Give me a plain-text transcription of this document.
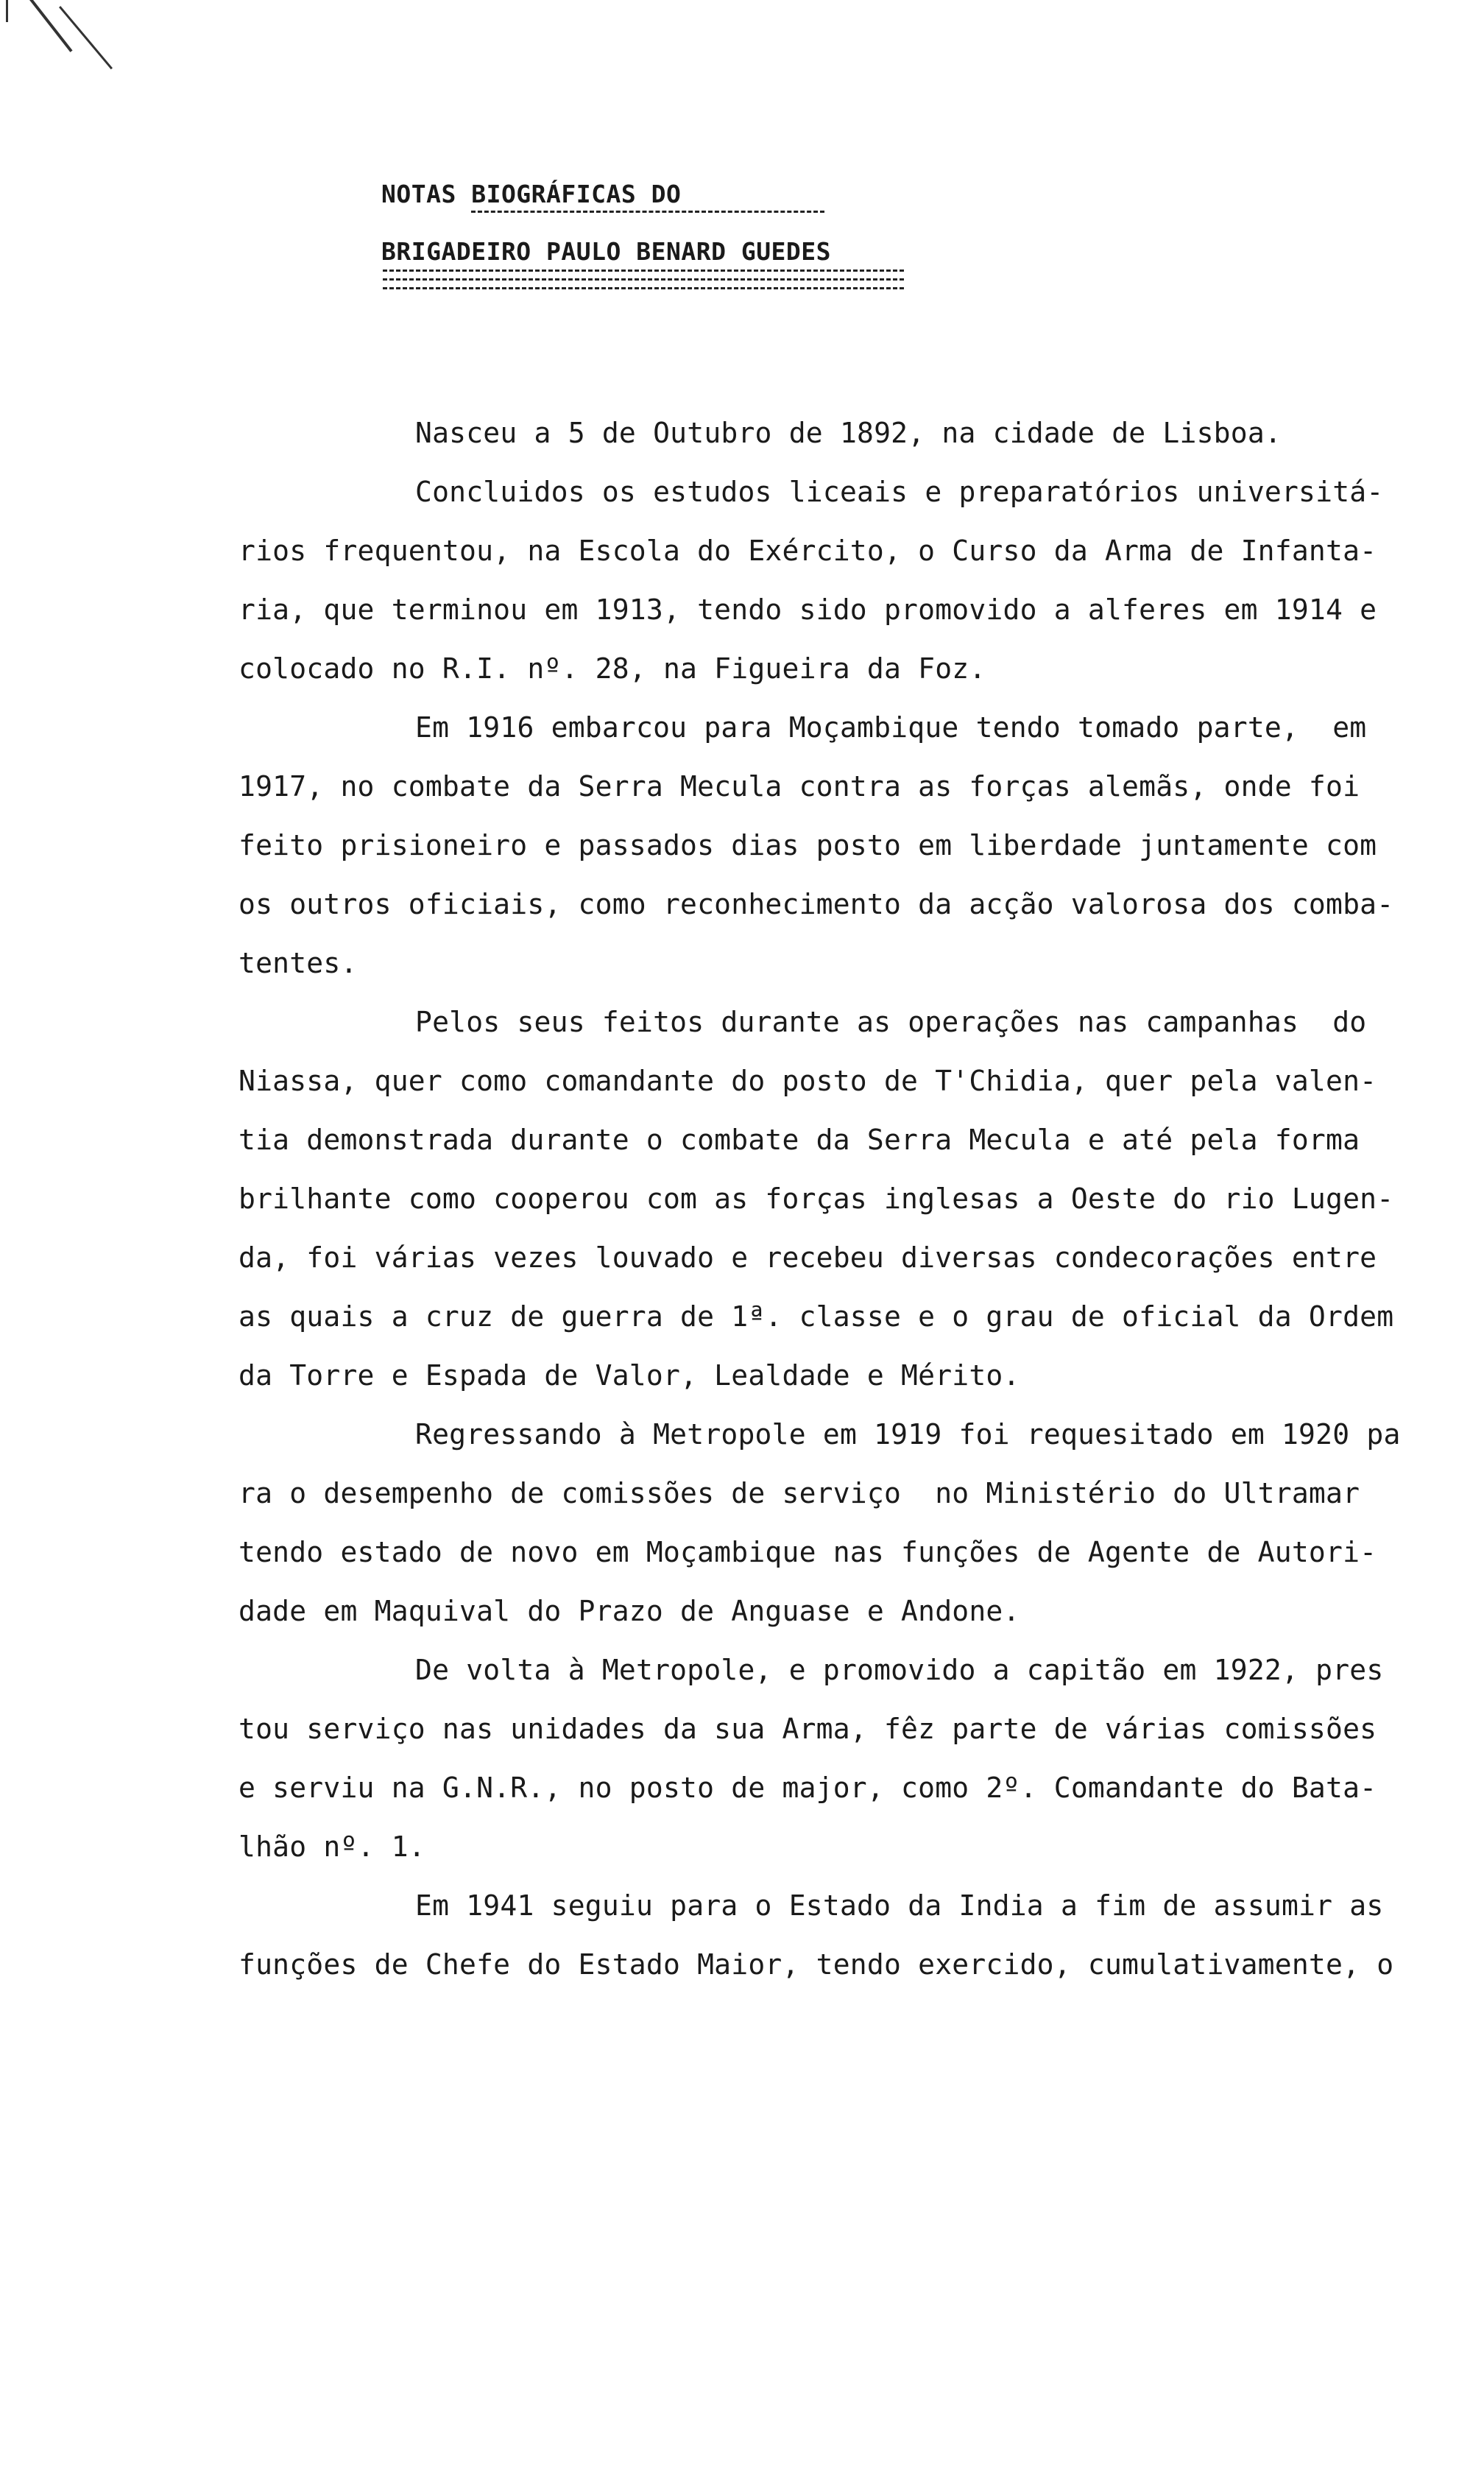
NOTAS BIOGRÁFICAS DO
BRIGADEIRO PAULO BENARD GUEDES
Nasceu a 5 de Outubro de 1892, na cidade de Lisboa.
Concluidos os estudos liceais e preparatórios universitá-
rios frequentou, na Escola do Exército, o Curso da Arma de Infanta-
ria, que terminou em 1913, tendo sido promovido a alferes em 1914 e
colocado no R.I. nº. 28, na Figueira da Foz.
Em 1916 embarcou para Moçambique tendo tomado parte,  em
1917, no combate da Serra Mecula contra as forças alemãs, onde foi
feito prisioneiro e passados dias posto em liberdade juntamente com
os outros oficiais, como reconhecimento da acção valorosa dos comba-
tentes.
Pelos seus feitos durante as operações nas campanhas  do
Niassa, quer como comandante do posto de T'Chidia, quer pela valen-
tia demonstrada durante o combate da Serra Mecula e até pela forma
brilhante como cooperou com as forças inglesas a Oeste do rio Lugen-
da, foi várias vezes louvado e recebeu diversas condecorações entre
as quais a cruz de guerra de 1ª. classe e o grau de oficial da Ordem
da Torre e Espada de Valor, Lealdade e Mérito.
Regressando à Metropole em 1919 foi requesitado em 1920 pa
ra o desempenho de comissões de serviço  no Ministério do Ultramar
tendo estado de novo em Moçambique nas funções de Agente de Autori-
dade em Maquival do Prazo de Anguase e Andone.
De volta à Metropole, e promovido a capitão em 1922, pres
tou serviço nas unidades da sua Arma, fêz parte de várias comissões
e serviu na G.N.R., no posto de major, como 2º. Comandante do Bata-
lhão nº. 1.
Em 1941 seguiu para o Estado da India a fim de assumir as
funções de Chefe do Estado Maior, tendo exercido, cumulativamente, o
